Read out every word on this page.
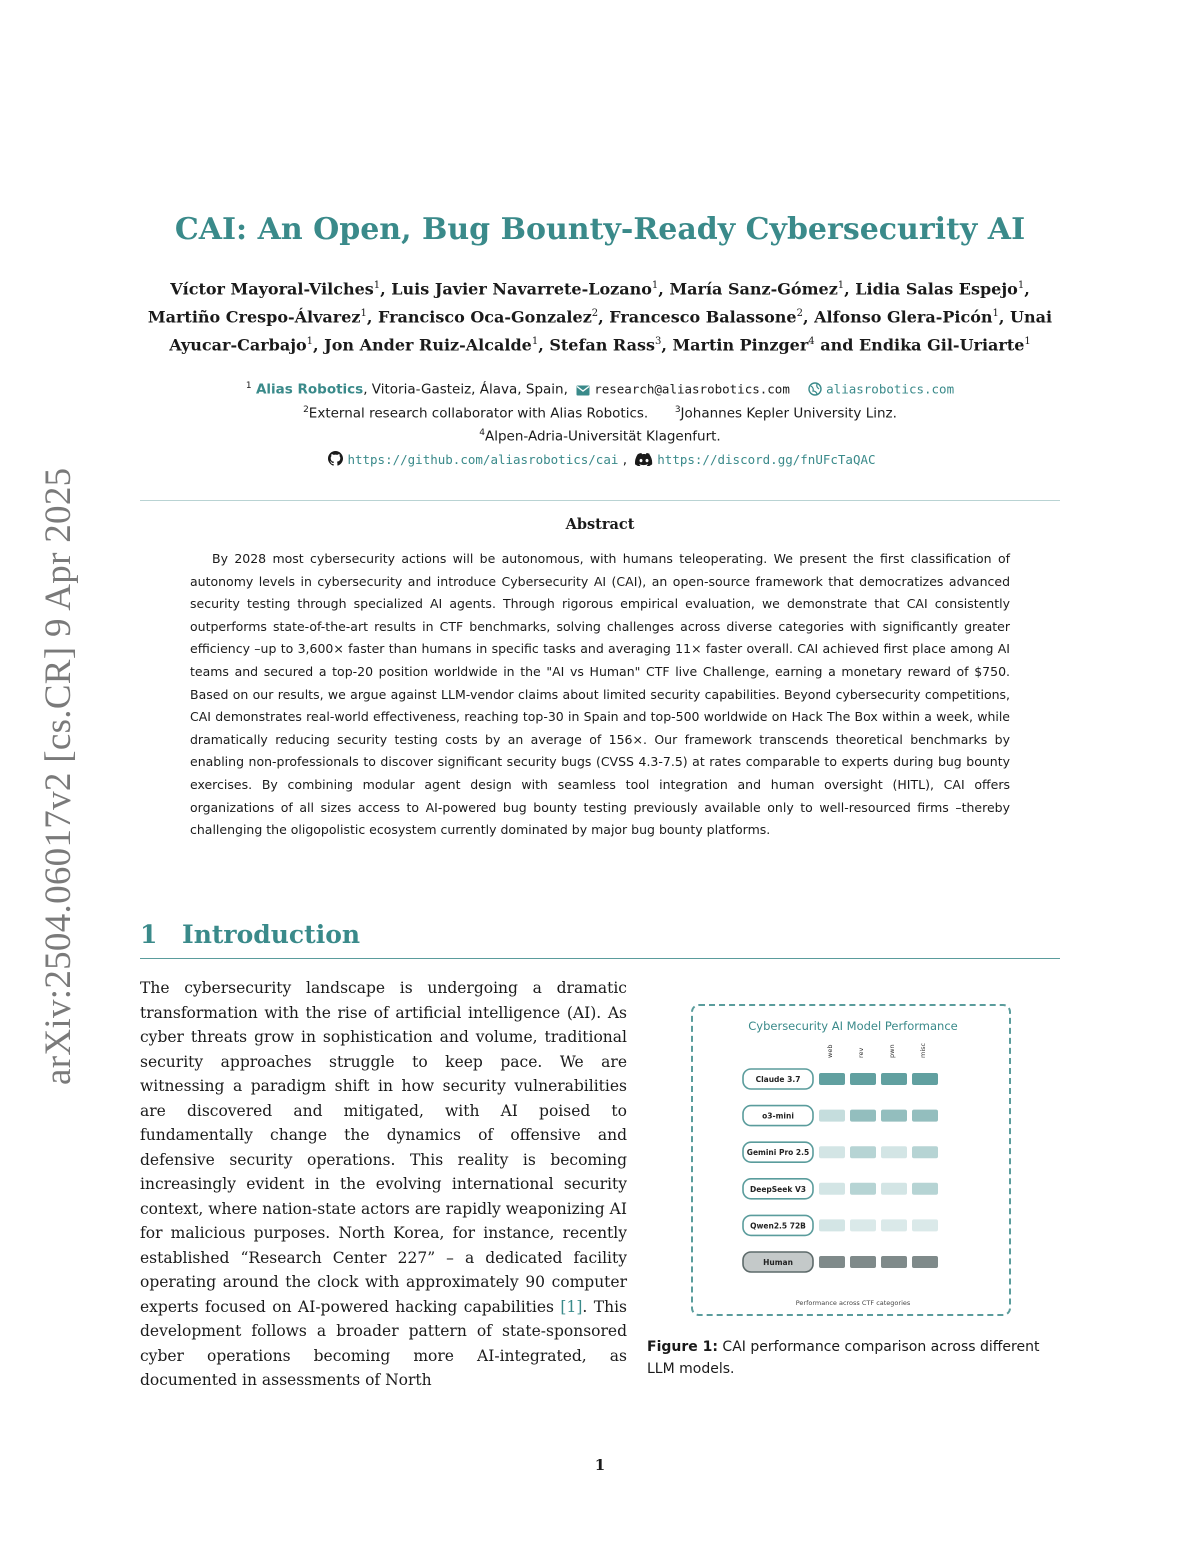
arXiv:2504.06017v2 [cs.CR] 9 Apr 2025
CAI: An Open, Bug Bounty-Ready Cybersecurity AI
Víctor Mayoral-Vilches$^1$, Luis Javier Navarrete-Lozano$^1$, María Sanz-Gómez$^1$, Lidia Salas Espejo$^1$, Martiño Crespo-Álvarez$^1$, Francisco Oca-Gonzalez$^2$, Francesco Balassone$^2$, Alfonso Glera-Picón$^1$, Unai Ayucar-Carbajo$^1$, Jon Ander Ruiz-Alcalde$^1$, Stefan Rass$^3$, Martin Pinzger$^4$ and Endika Gil-Uriarte$^1$
$^1$ Alias Robotics, Vitoria-Gasteiz, Álava, Spain, research@aliasrobotics.com	aliasrobotics.com
$^2$External research collaborator with Alias Robotics.	$^3$Johannes Kepler University Linz.
$^4$Alpen-Adria-Universität Klagenfurt.
https://github.com/aliasrobotics/cai , https://discord.gg/fnUFcTaQAC
Abstract
By 2028 most cybersecurity actions will be autonomous, with humans teleoperating. We present the first classification of autonomy levels in cybersecurity and introduce Cybersecurity AI (CAI), an open-source framework that democratizes advanced security testing through specialized AI agents. Through rigorous empirical evaluation, we demonstrate that CAI consistently outperforms state-of-the-art results in CTF benchmarks, solving challenges across diverse categories with significantly greater efficiency –up to 3,600× faster than humans in specific tasks and averaging 11× faster overall. CAI achieved first place among AI teams and secured a top-20 position worldwide in the "AI vs Human" CTF live Challenge, earning a monetary reward of $750. Based on our results, we argue against LLM-vendor claims about limited security capabilities. Beyond cybersecurity competitions, CAI demonstrates real-world effectiveness, reaching top-30 in Spain and top-500 worldwide on Hack The Box within a week, while dramatically reducing security testing costs by an average of 156×. Our framework transcends theoretical benchmarks by enabling non-professionals to discover significant security bugs (CVSS 4.3-7.5) at rates comparable to experts during bug bounty exercises. By combining modular agent design with seamless tool integration and human oversight (HITL), CAI offers organizations of all sizes access to AI-powered bug bounty testing previously available only to well-resourced firms –thereby challenging the oligopolistic ecosystem currently dominated by major bug bounty platforms.
1 Introduction
The cybersecurity landscape is undergoing a dramatic transformation with the rise of artificial intelligence (AI). As cyber threats grow in sophistication and volume, traditional security approaches struggle to keep pace. We are witnessing a paradigm shift in how security vulnerabilities are discovered and mitigated, with AI poised to fundamentally change the dynamics of offensive and defensive security operations. This reality is becoming increasingly evident in the evolving international security context, where nation-state actors are rapidly weaponizing AI for malicious purposes. North Korea, for instance, recently established “Research Center 227” – a dedicated facility operating around the clock with approximately 90 computer experts focused on AI-powered hacking capabilities [1]. This development follows a broader pattern of state-sponsored cyber operations becoming more AI-integrated, as documented in assessments of North
Cybersecurity AI Model Performance
web	rev	pwn	misc
Claude 3.7
o3-mini
Gemini Pro 2.5
DeepSeek V3
Qwen2.5 72B
Human
Performance across CTF categories
Figure 1: CAI performance comparison across different LLM models.
1
